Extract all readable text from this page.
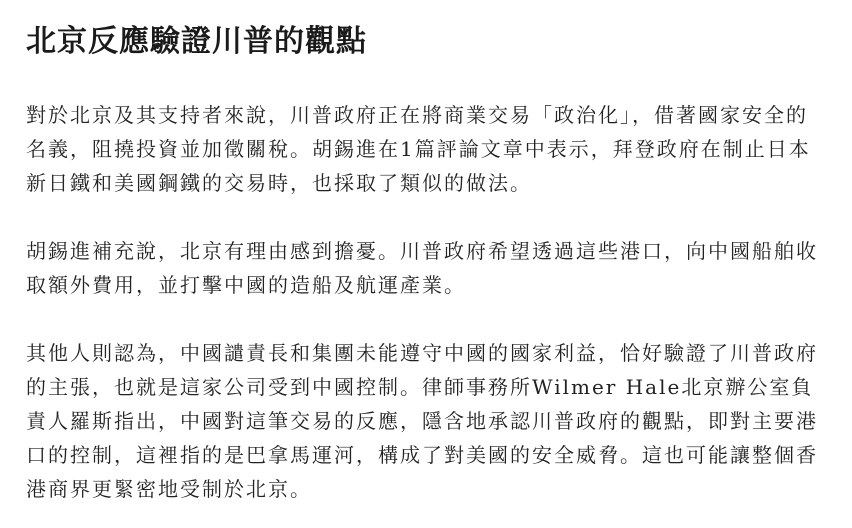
北京反應驗證川普的觀點

對於北京及其支持者來說，川普政府正在將商業交易「政治化」，借著國家安全的名義，阻撓投資並加徵關稅。胡錫進在1篇評論文章中表示，拜登政府在制止日本新日鐵和美國鋼鐵的交易時，也採取了類似的做法。

胡錫進補充說，北京有理由感到擔憂。川普政府希望透過這些港口，向中國船舶收取額外費用，並打擊中國的造船及航運產業。

其他人則認為，中國譴責長和集團未能遵守中國的國家利益，恰好驗證了川普政府的主張，也就是這家公司受到中國控制。律師事務所Wilmer Hale北京辦公室負責人羅斯指出，中國對這筆交易的反應，隱含地承認川普政府的觀點，即對主要港口的控制，這裡指的是巴拿馬運河，構成了對美國的安全威脅。這也可能讓整個香港商界更緊密地受制於北京。
